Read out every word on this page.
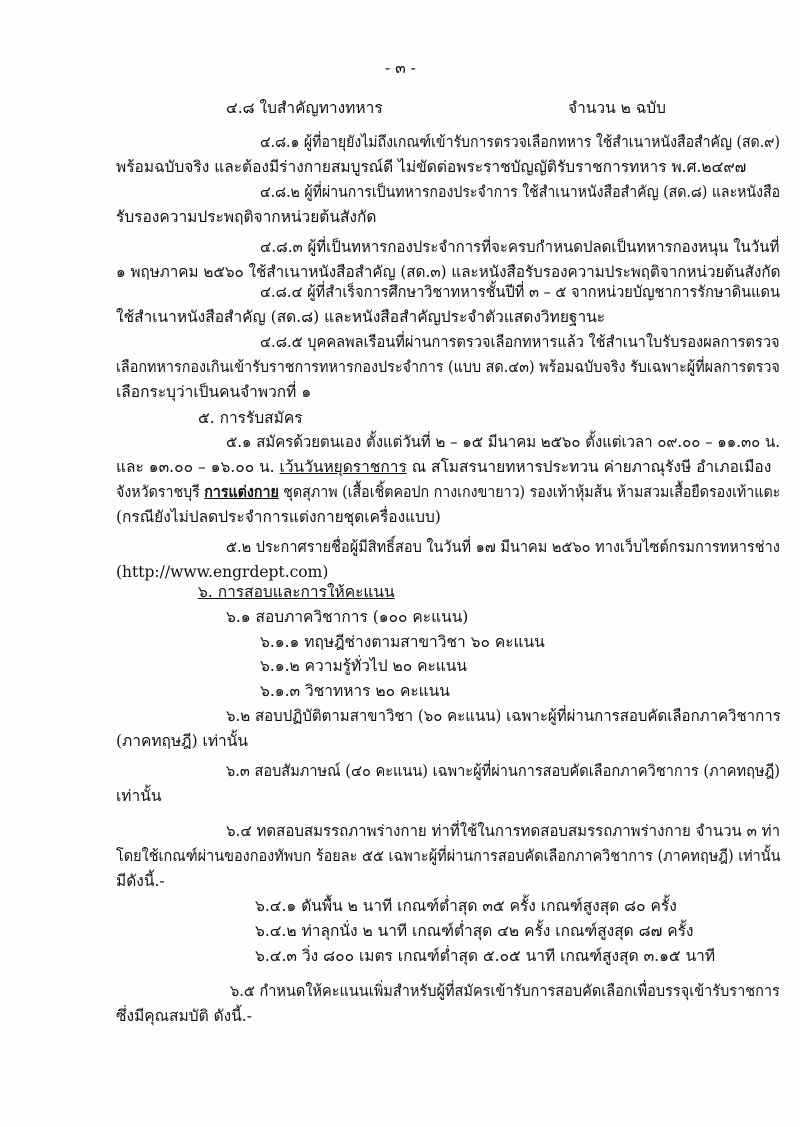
- ๓ -
๔.๘ ใบสำคัญทางทหาร	จำนวน ๒ ฉบับ
๔.๘.๑ ผู้ที่อายุยังไม่ถึงเกณฑ์เข้ารับการตรวจเลือกทหาร ใช้สำเนาหนังสือสำคัญ (สด.๙)
พร้อมฉบับจริง และต้องมีร่างกายสมบูรณ์ดี ไม่ขัดต่อพระราชบัญญัติรับราชการทหาร พ.ศ.๒๔๙๗
๔.๘.๒ ผู้ที่ผ่านการเป็นทหารกองประจำการ ใช้สำเนาหนังสือสำคัญ (สด.๘) และหนังสือ
รับรองความประพฤติจากหน่วยต้นสังกัด
๔.๘.๓ ผู้ที่เป็นทหารกองประจำการที่จะครบกำหนดปลดเป็นทหารกองหนุน ในวันที่
๑ พฤษภาคม ๒๕๖๐ ใช้สำเนาหนังสือสำคัญ (สด.๓) และหนังสือรับรองความประพฤติจากหน่วยต้นสังกัด
๔.๘.๔ ผู้ที่สำเร็จการศึกษาวิชาทหารชั้นปีที่ ๓ – ๕ จากหน่วยบัญชาการรักษาดินแดน
ใช้สำเนาหนังสือสำคัญ (สด.๘) และหนังสือสำคัญประจำตัวแสดงวิทยฐานะ
๔.๘.๕ บุคคลพลเรือนที่ผ่านการตรวจเลือกทหารแล้ว ใช้สำเนาใบรับรองผลการตรวจ
เลือกทหารกองเกินเข้ารับราชการทหารกองประจำการ (แบบ สด.๔๓) พร้อมฉบับจริง รับเฉพาะผู้ที่ผลการตรวจ
เลือกระบุว่าเป็นคนจำพวกที่ ๑
๕. การรับสมัคร
๕.๑ สมัครด้วยตนเอง ตั้งแต่วันที่ ๒ – ๑๕ มีนาคม ๒๕๖๐ ตั้งแต่เวลา ๐๙.๐๐ – ๑๑.๓๐ น.
และ ๑๓.๐๐ – ๑๖.๐๐ น. เว้นวันหยุดราชการ ณ สโมสรนายทหารประทวน ค่ายภาณุรังษี อำเภอเมือง
จังหวัดราชบุรี การแต่งกาย ชุดสุภาพ (เสื้อเชิ้ตคอปก กางเกงขายาว) รองเท้าหุ้มส้น ห้ามสวมเสื้อยืดรองเท้าแตะ
(กรณียังไม่ปลดประจำการแต่งกายชุดเครื่องแบบ)
๕.๒ ประกาศรายชื่อผู้มีสิทธิ์สอบ ในวันที่ ๑๗ มีนาคม ๒๕๖๐ ทางเว็บไซต์กรมการทหารช่าง
(http://www.engrdept.com)
๖. การสอบและการให้คะแนน
๖.๑ สอบภาควิชาการ (๑๐๐ คะแนน)
๖.๑.๑ ทฤษฎีช่างตามสาขาวิชา ๖๐ คะแนน
๖.๑.๒ ความรู้ทั่วไป ๒๐ คะแนน
๖.๑.๓ วิชาทหาร ๒๐ คะแนน
๖.๒ สอบปฏิบัติตามสาขาวิชา (๖๐ คะแนน) เฉพาะผู้ที่ผ่านการสอบคัดเลือกภาควิชาการ
(ภาคทฤษฎี) เท่านั้น
๖.๓ สอบสัมภาษณ์ (๔๐ คะแนน) เฉพาะผู้ที่ผ่านการสอบคัดเลือกภาควิชาการ (ภาคทฤษฎี)
เท่านั้น
๖.๔ ทดสอบสมรรถภาพร่างกาย ท่าที่ใช้ในการทดสอบสมรรถภาพร่างกาย จำนวน ๓ ท่า
โดยใช้เกณฑ์ผ่านของกองทัพบก ร้อยละ ๕๕ เฉพาะผู้ที่ผ่านการสอบคัดเลือกภาควิชาการ (ภาคทฤษฎี) เท่านั้น
มีดังนี้.-
๖.๔.๑ ดันพื้น ๒ นาที เกณฑ์ต่ำสุด ๓๕ ครั้ง เกณฑ์สูงสุด ๘๐ ครั้ง
๖.๔.๒ ท่าลุกนั่ง ๒ นาที เกณฑ์ต่ำสุด ๔๒ ครั้ง เกณฑ์สูงสุด ๘๗ ครั้ง
๖.๔.๓ วิ่ง ๘๐๐ เมตร เกณฑ์ต่ำสุด ๕.๐๕ นาที เกณฑ์สูงสุด ๓.๑๕ นาที
๖.๕ กำหนดให้คะแนนเพิ่มสำหรับผู้ที่สมัครเข้ารับการสอบคัดเลือกเพื่อบรรจุเข้ารับราชการ
ซึ่งมีคุณสมบัติ ดังนี้.-
